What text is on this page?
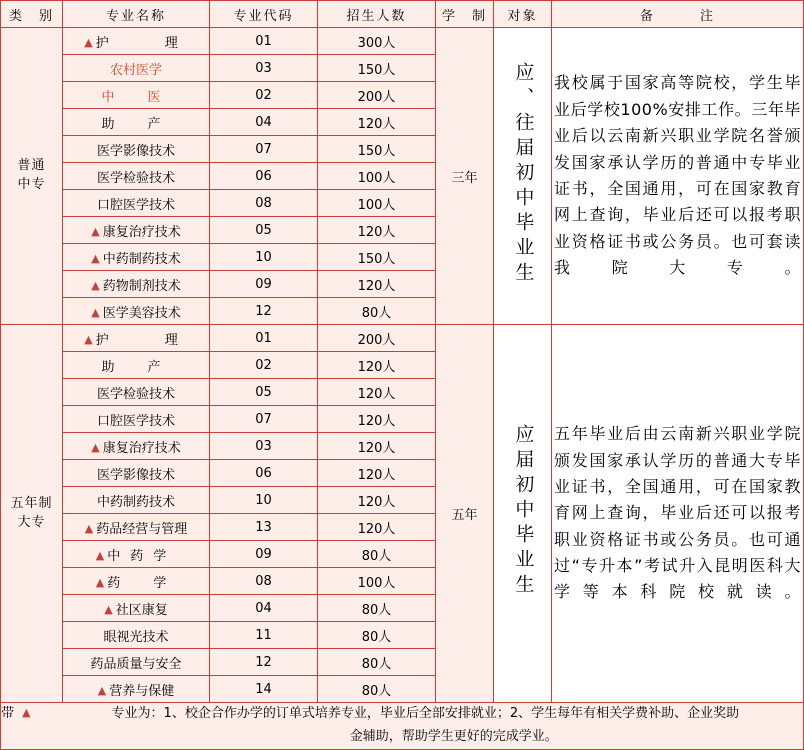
类　别	专业名称	专业代码	招生人数	学　制	对象	备　　　注

普通
中专	▲ 护　　理	01	300人	三年	应、往届初中毕业生	我校属于国家高等院校，学生毕业后学校100%安排工作。三年毕业后以云南新兴职业学院名誉颁发国家承认学历的普通中专毕业证书，全国通用，可在国家教育网上查询，毕业后还可以报考职业资格证书或公务员。也可套读我院大专。

	农村医学	03	150人			
	中　医	02	200人			
	助　产	04	120人			
	医学影像技术	07	150人			
	医学检验技术	06	100人			
	口腔医学技术	08	100人			
	▲ 康复治疗技术	05	120人			
	▲ 中药制药技术	10	150人			
	▲ 药物制剂技术	09	120人			
	▲ 医学美容技术	12	80人			

五年制
大专	▲ 护　　理	01	200人	五年	应届初中毕业生	五年毕业后由云南新兴职业学院颁发国家承认学历的普通大专毕业证书，全国通用，可在国家教育网上查询，毕业后还可以报考职业资格证书或公务员。也可通过“专升本”考试升入昆明医科大学等本科院校就读。

	助　产	02	120人			
	医学检验技术	05	120人			
	口腔医学技术	07	120人			
	▲ 康复治疗技术	03	120人			
	医学影像技术	06	120人			
	中药制药技术	10	120人			
	▲ 药品经营与管理	13	120人			
	▲ 中药学	09	80人			
	▲ 药　学	08	100人			
	▲ 社区康复	04	80人			
	眼视光技术	11	80人			
	药品质量与安全	12	80人			
	▲ 营养与保健	14	80人			

带 ▲ 专业为：1、校企合作办学的订单式培养专业，毕业后全部安排就业；2、学生每年有相关学费补助、企业奖助
金辅助，帮助学生更好的完成学业。						
